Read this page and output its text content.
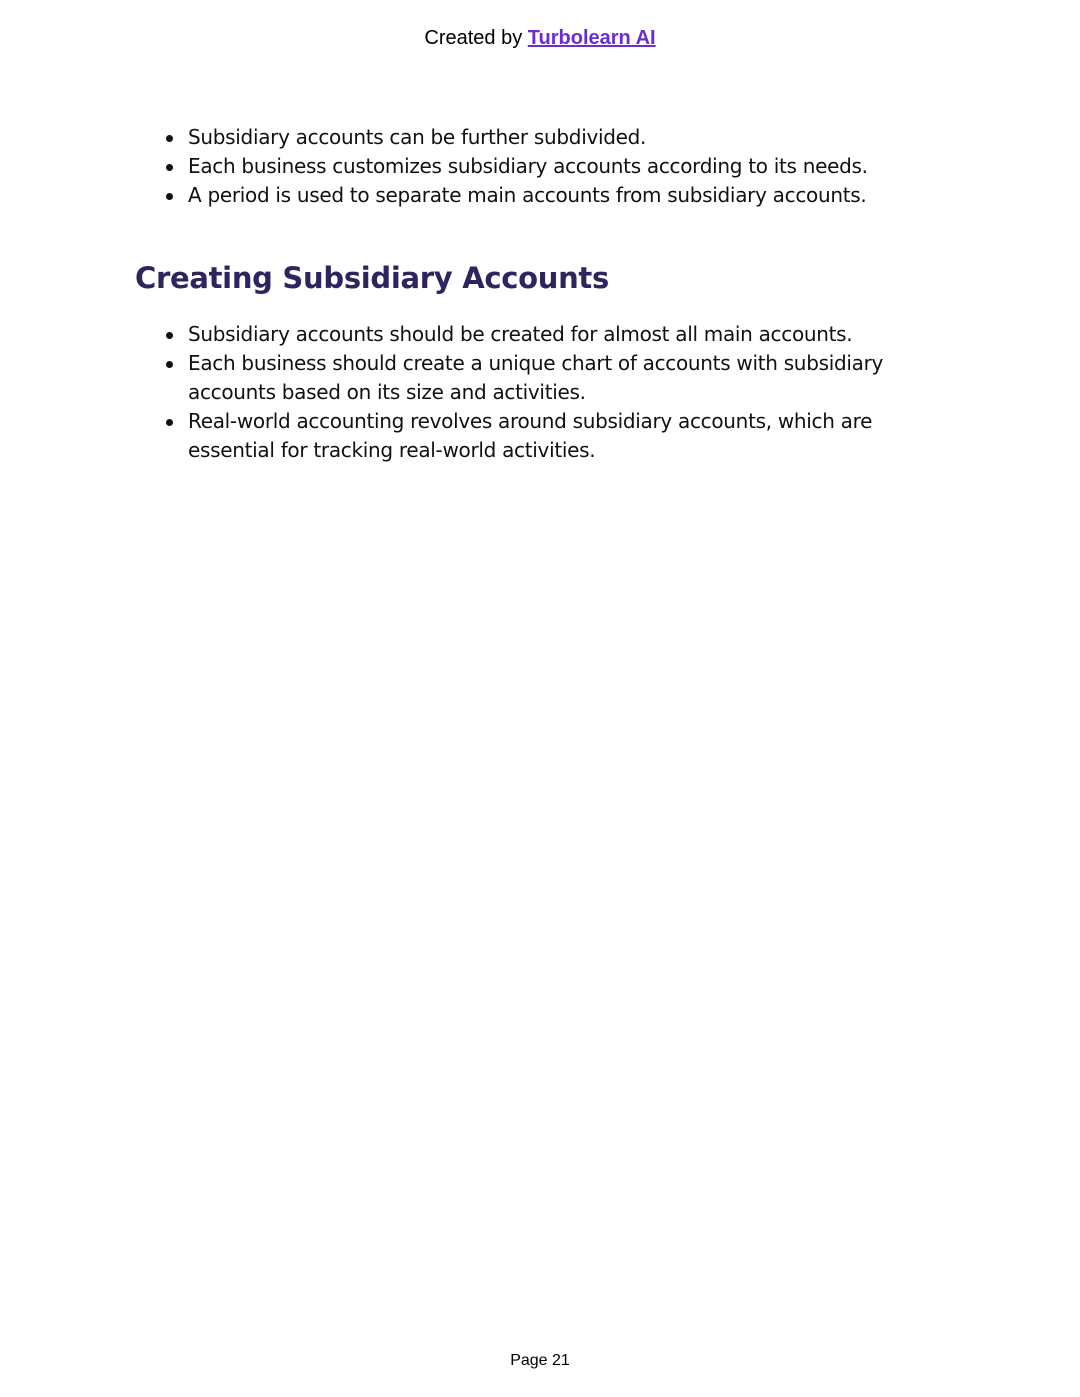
Created by Turbolearn AI
Subsidiary accounts can be further subdivided.
Each business customizes subsidiary accounts according to its needs.
A period is used to separate main accounts from subsidiary accounts.
Creating Subsidiary Accounts
Subsidiary accounts should be created for almost all main accounts.
Each business should create a unique chart of accounts with subsidiary accounts based on its size and activities.
Real-world accounting revolves around subsidiary accounts, which are essential for tracking real-world activities.
Page 21
